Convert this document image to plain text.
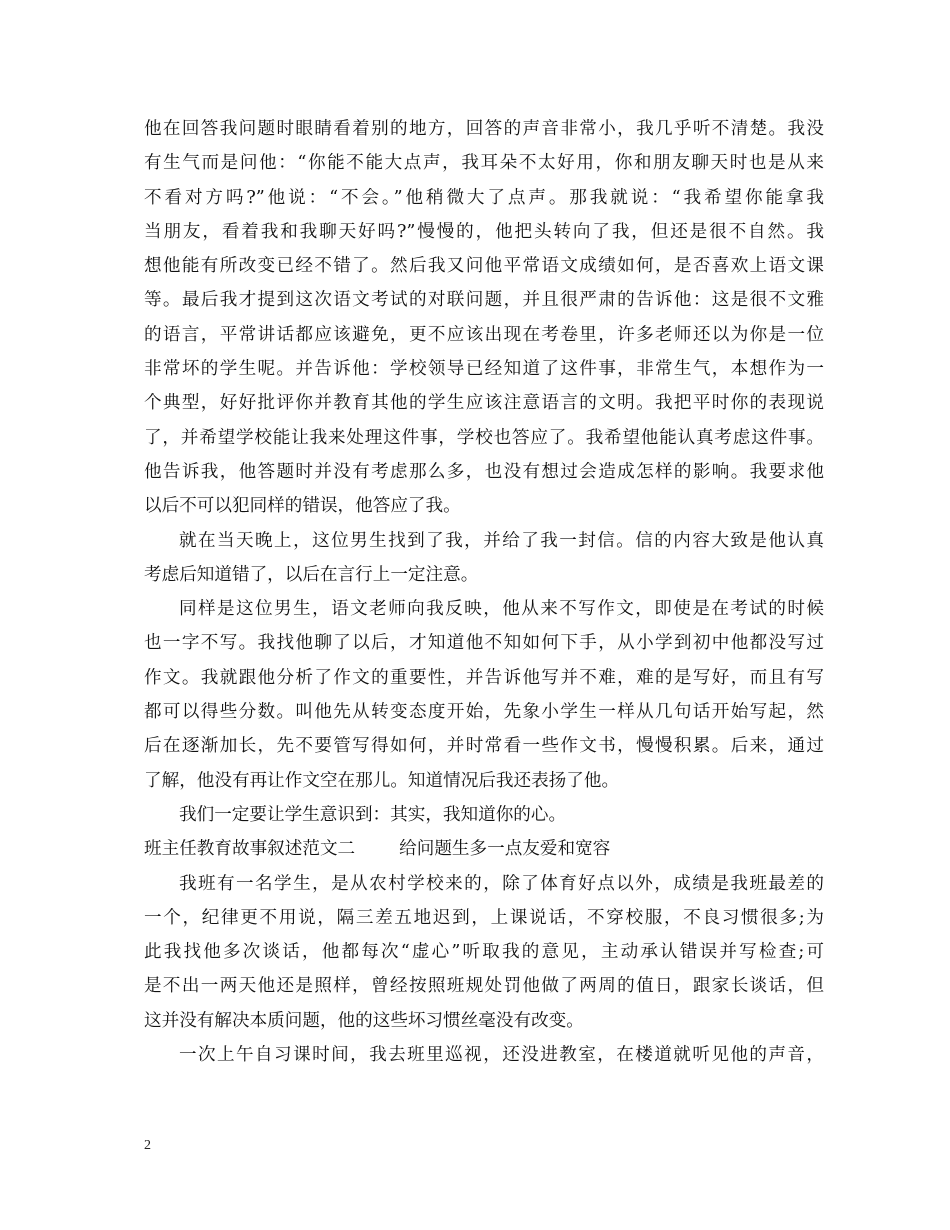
他在回答我问题时眼睛看着别的地方，回答的声音非常小，我几乎听不清楚。我没
有生气而是问他：“你能不能大点声，我耳朵不太好用，你和朋友聊天时也是从来
不看对方吗?”他说：“不会。”他稍微大了点声。那我就说：“我希望你能拿我
当朋友，看着我和我聊天好吗?”慢慢的，他把头转向了我，但还是很不自然。我
想他能有所改变已经不错了。然后我又问他平常语文成绩如何，是否喜欢上语文课
等。最后我才提到这次语文考试的对联问题，并且很严肃的告诉他：这是很不文雅
的语言，平常讲话都应该避免，更不应该出现在考卷里，许多老师还以为你是一位
非常坏的学生呢。并告诉他：学校领导已经知道了这件事，非常生气，本想作为一
个典型，好好批评你并教育其他的学生应该注意语言的文明。我把平时你的表现说
了，并希望学校能让我来处理这件事，学校也答应了。我希望他能认真考虑这件事。
他告诉我，他答题时并没有考虑那么多，也没有想过会造成怎样的影响。我要求他
以后不可以犯同样的错误，他答应了我。
就在当天晚上，这位男生找到了我，并给了我一封信。信的内容大致是他认真
考虑后知道错了，以后在言行上一定注意。
同样是这位男生，语文老师向我反映，他从来不写作文，即使是在考试的时候
也一字不写。我找他聊了以后，才知道他不知如何下手，从小学到初中他都没写过
作文。我就跟他分析了作文的重要性，并告诉他写并不难，难的是写好，而且有写
都可以得些分数。叫他先从转变态度开始，先象小学生一样从几句话开始写起，然
后在逐渐加长，先不要管写得如何，并时常看一些作文书，慢慢积累。后来，通过
了解，他没有再让作文空在那儿。知道情况后我还表扬了他。
我们一定要让学生意识到：其实，我知道你的心。
班主任教育故事叙述范文二	给问题生多一点友爱和宽容
我班有一名学生，是从农村学校来的，除了体育好点以外，成绩是我班最差的
一个，纪律更不用说，隔三差五地迟到，上课说话，不穿校服，不良习惯很多;为
此我找他多次谈话，他都每次“虚心”听取我的意见，主动承认错误并写检查;可
是不出一两天他还是照样，曾经按照班规处罚他做了两周的值日，跟家长谈话，但
这并没有解决本质问题，他的这些坏习惯丝毫没有改变。
一次上午自习课时间，我去班里巡视，还没进教室，在楼道就听见他的声音，
2
